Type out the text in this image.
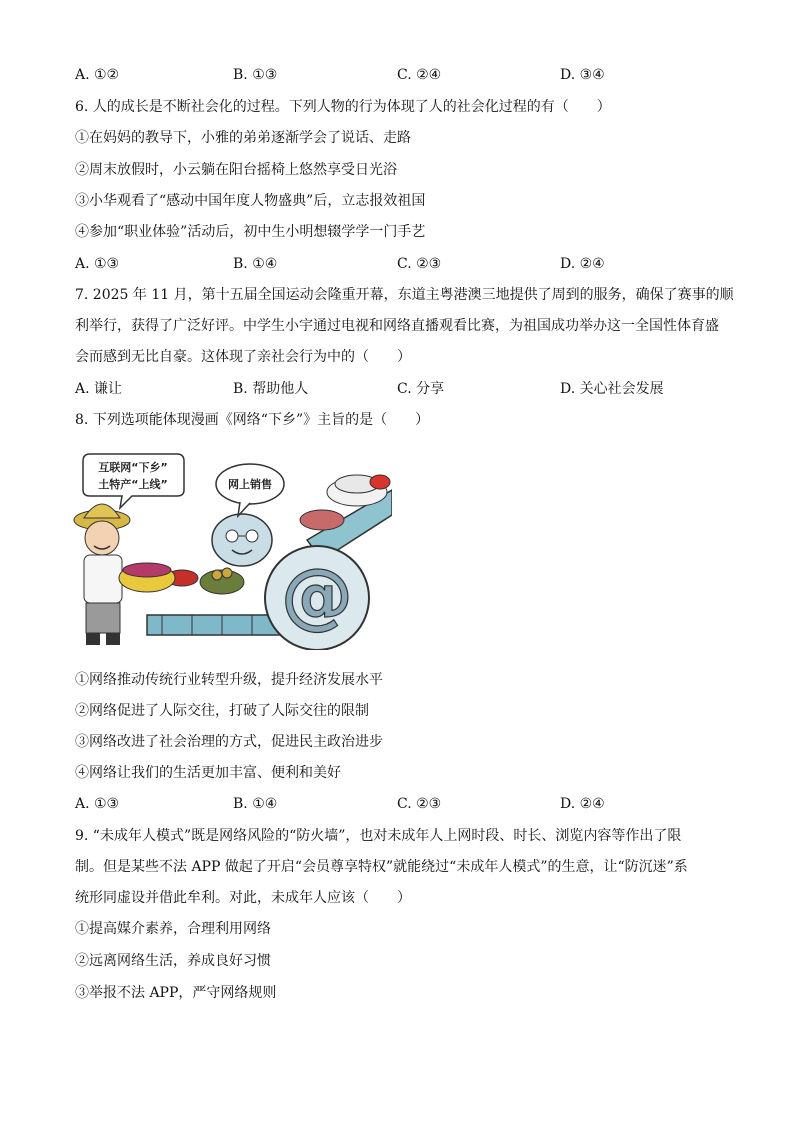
A. ①②	B. ①③	C. ②④	D. ③④
6. 人的成长是不断社会化的过程。下列人物的行为体现了人的社会化过程的有（　　）
①在妈妈的教导下，小雅的弟弟逐渐学会了说话、走路
②周末放假时，小云躺在阳台摇椅上悠然享受日光浴
③小华观看了“感动中国年度人物盛典”后，立志报效祖国
④参加“职业体验”活动后，初中生小明想辍学学一门手艺
A. ①③	B. ①④	C. ②③	D. ②④
7. 2025 年 11 月，第十五届全国运动会隆重开幕，东道主粤港澳三地提供了周到的服务，确保了赛事的顺
利举行，获得了广泛好评。中学生小宇通过电视和网络直播观看比赛，为祖国成功举办这一全国性体育盛
会而感到无比自豪。这体现了亲社会行为中的（　　）
A. 谦让	B. 帮助他人	C. 分享	D. 关心社会发展
8. 下列选项能体现漫画《网络“下乡”》主旨的是（　　）
@
互联网“下乡”
土特产“上线”	网上销售
①网络推动传统行业转型升级，提升经济发展水平
②网络促进了人际交往，打破了人际交往的限制
③网络改进了社会治理的方式，促进民主政治进步
④网络让我们的生活更加丰富、便利和美好
A. ①③	B. ①④	C. ②③	D. ②④
9. “未成年人模式”既是网络风险的“防火墙”，也对未成年人上网时段、时长、浏览内容等作出了限
制。但是某些不法 APP 做起了开启“会员尊享特权”就能绕过“未成年人模式”的生意，让“防沉迷”系
统形同虚设并借此牟利。对此，未成年人应该（　　）
①提高媒介素养，合理利用网络
②远离网络生活，养成良好习惯
③举报不法 APP，严守网络规则
